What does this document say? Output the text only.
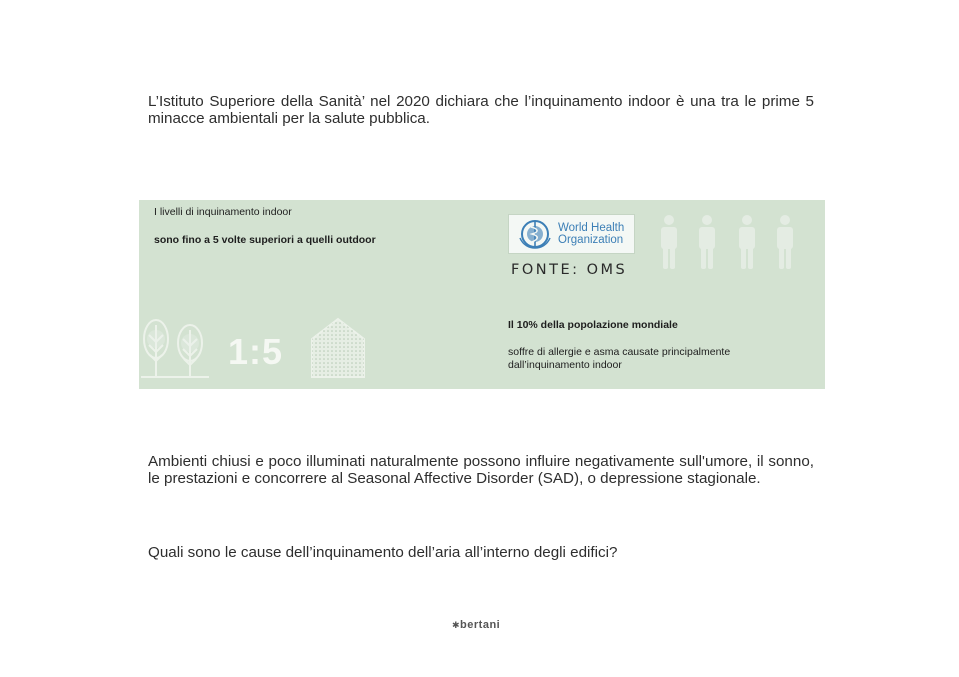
L’Istituto Superiore della Sanità’ nel 2020 dichiara che l’inquinamento indoor è una tra le prime 5 minacce ambientali per la salute pubblica.
I livelli di inquinamento indoor
sono fino a 5 volte superiori a quelli outdoor
1:5
World Health
Organization
FONTE: OMS
Il 10% della popolazione mondiale
soffre di allergie e asma causate principalmente dall’inquinamento indoor
Ambienti chiusi e poco illuminati naturalmente possono influire negativamente sull'umore, il sonno, le prestazioni e concorrere al Seasonal Affective Disorder (SAD), o depressione stagionale.
Quali sono le cause dell’inquinamento dell’aria all’interno degli edifici?
✱bertani
